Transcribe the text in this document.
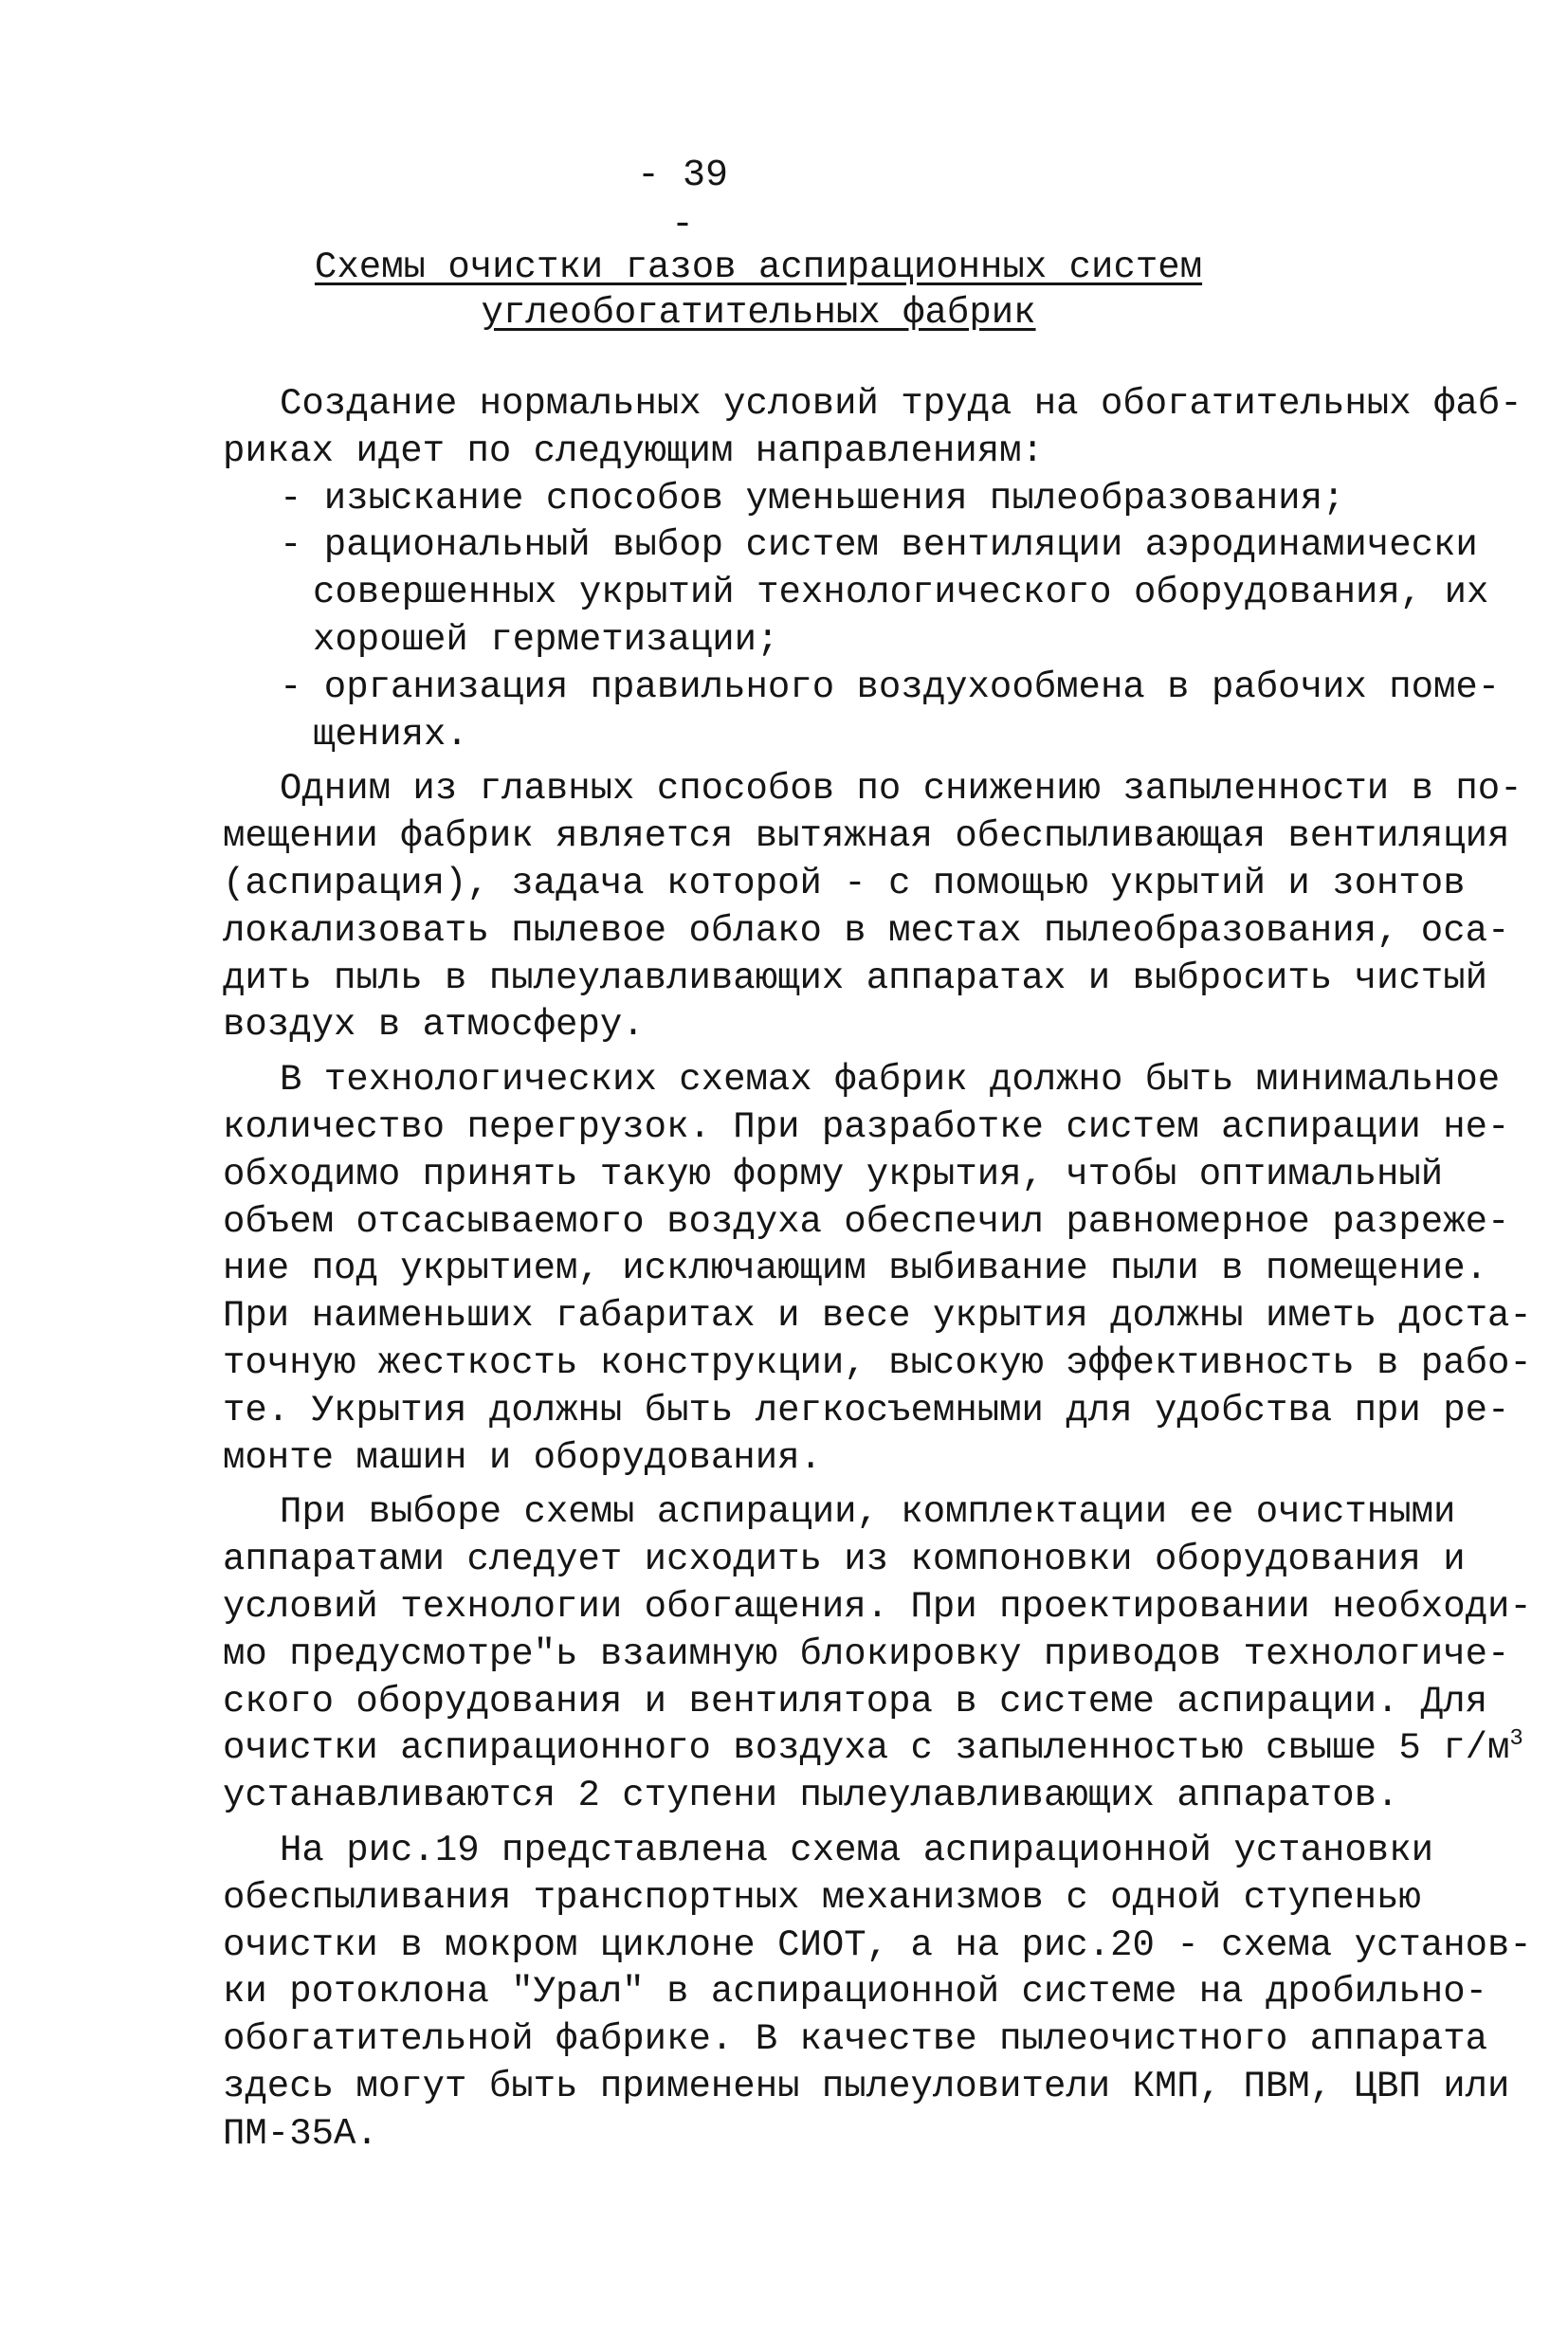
- 39 -
Схемы очистки газов аспирационных систем
углеобогатительных фабрик
Создание нормальных условий труда на обогатительных фаб-
риках идет по следующим направлениям:
- изыскание способов уменьшения пылеобразования;
- рациональный выбор систем вентиляции аэродинамически
совершенных укрытий технологического оборудования, их
хорошей герметизации;
- организация правильного воздухообмена в рабочих поме-
щениях.
Одним из главных способов по снижению запыленности в по-
мещении фабрик является вытяжная обеспыливающая вентиляция
(аспирация), задача которой - с помощью укрытий и зонтов
локализовать пылевое облако в местах пылеобразования, оса-
дить пыль в пылеулавливающих аппаратах и выбросить чистый
воздух в атмосферу.
В технологических схемах фабрик должно быть минимальное
количество перегрузок. При разработке систем аспирации не-
обходимо принять такую форму укрытия, чтобы оптимальный
объем отсасываемого воздуха обеспечил равномерное разреже-
ние под укрытием, исключающим выбивание пыли в помещение.
При наименьших габаритах и весе укрытия должны иметь доста-
точную жесткость конструкции, высокую эффективность в рабо-
те. Укрытия должны быть легкосъемными для удобства при ре-
монте машин и оборудования.
При выборе схемы аспирации, комплектации ее очистными
аппаратами следует исходить из компоновки оборудования и
условий технологии обогащения. При проектировании необходи-
мо предусмотре"ь взаимную блокировку приводов технологиче-
ского оборудования и вентилятора в системе аспирации. Для
очистки аспирационного воздуха с запыленностью свыше 5 $г/м^3$
устанавливаются 2 ступени пылеулавливающих аппаратов.
На рис.19 представлена схема аспирационной установки
обеспыливания транспортных механизмов с одной ступенью
очистки в мокром циклоне СИОТ, а на рис.20 - схема установ-
ки ротоклона "Урал" в аспирационной системе на дробильно-
обогатительной фабрике. В качестве пылеочистного аппарата
здесь могут быть применены пылеуловители КМП, ПВМ, ЦВП или
ПМ-35А.
